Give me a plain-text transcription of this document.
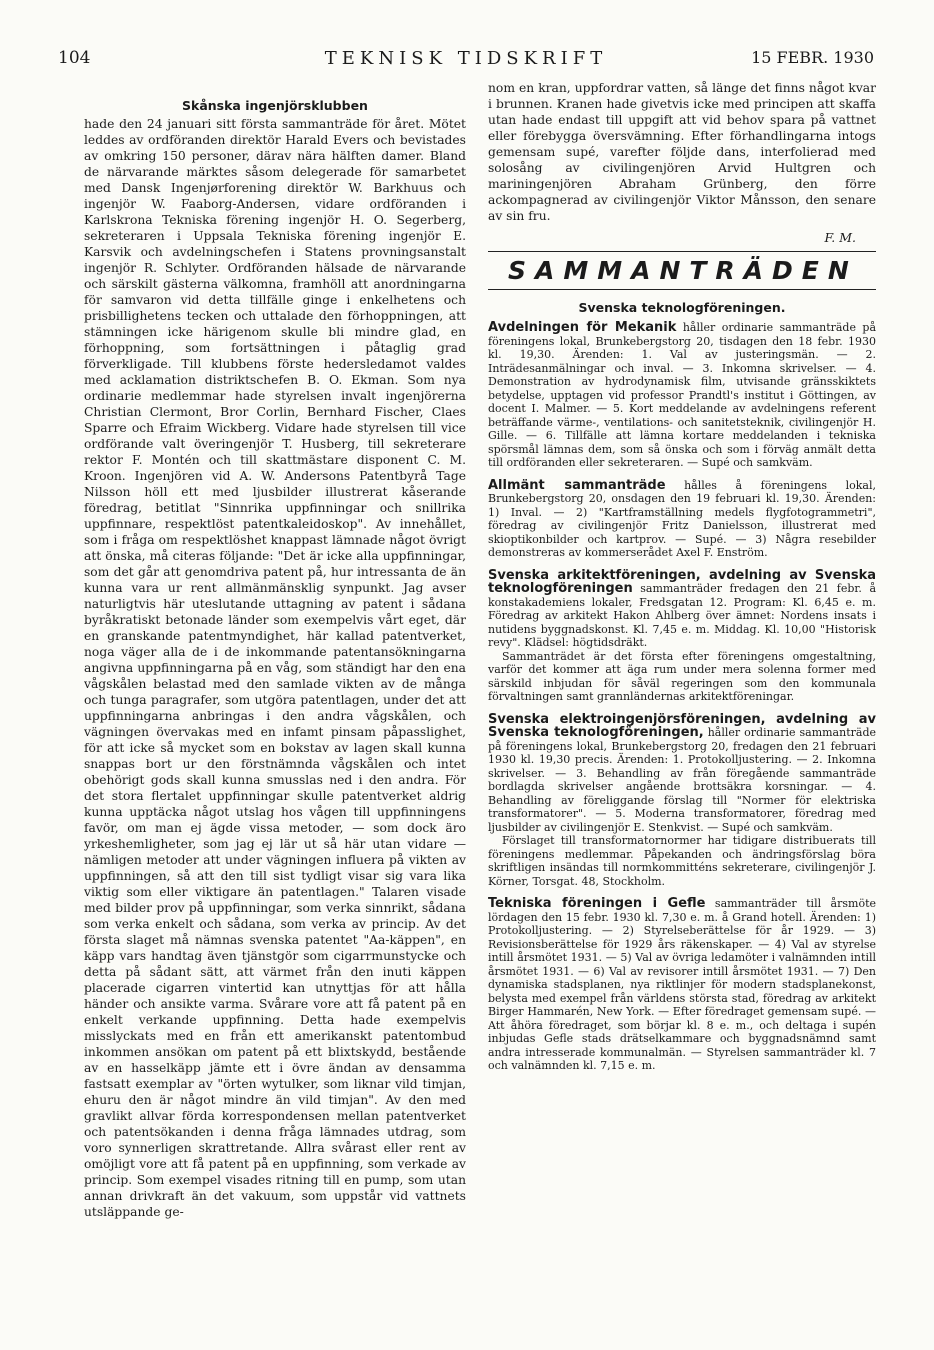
104	TEKNISK TIDSKRIFT	15 FEBR. 1930
Skånska ingenjörsklubben

hade den 24 januari sitt första sammanträde för året. Mötet leddes av ordföranden direktör Harald Evers och bevistades av omkring 150 personer, därav nära hälften damer. Bland de närvarande märktes såsom delegerade för samarbetet med Dansk Ingenjørforening direktör W. Barkhuus och ingenjör W. Faaborg-Andersen, vidare ordföranden i Karlskrona Tekniska förening ingenjör H. O. Segerberg, sekreteraren i Uppsala Tekniska förening ingenjör E. Karsvik och avdelningschefen i Statens provningsanstalt ingenjör R. Schlyter. Ordföranden hälsade de närvarande och särskilt gästerna välkomna, framhöll att anordningarna för samvaron vid detta tillfälle ginge i enkelhetens och prisbillighetens tecken och uttalade den förhoppningen, att stämningen icke härigenom skulle bli mindre glad, en förhoppning, som fortsättningen i påtaglig grad förverkligade. Till klubbens förste hedersledamot valdes med acklamation distriktschefen B. O. Ekman. Som nya ordinarie medlemmar hade styrelsen invalt ingenjörerna Christian Clermont, Bror Corlin, Bernhard Fischer, Claes Sparre och Efraim Wickberg. Vidare hade styrelsen till vice ordförande valt överingenjör T. Husberg, till sekreterare rektor F. Montén och till skattmästare disponent C. M. Kroon. Ingenjören vid A. W. Andersons Patentbyrå Tage Nilsson höll ett med ljusbilder illustrerat kåserande föredrag, betitlat "Sinnrika uppfinningar och snillrika uppfinnare, respektlöst patentkaleidoskop". Av innehållet, som i fråga om respektlöshet knappast lämnade något övrigt att önska, må citeras följande: "Det är icke alla uppfinningar, som det går att genomdriva patent på, hur intressanta de än kunna vara ur rent allmänmänsklig synpunkt. Jag avser naturligtvis här uteslutande uttagning av patent i sådana byråkratiskt betonade länder som exempelvis vårt eget, där en granskande patentmyndighet, här kallad patentverket, noga väger alla de i de inkommande patentansökningarna angivna uppfinningarna på en våg, som ständigt har den ena vågskålen belastad med den samlade vikten av de många och tunga paragrafer, som utgöra patentlagen, under det att uppfinningarna anbringas i den andra vågskålen, och vägningen övervakas med en infamt pinsam påpasslighet, för att icke så mycket som en bokstav av lagen skall kunna snappas bort ur den förstnämnda vågskålen och intet obehörigt gods skall kunna smusslas ned i den andra. För det stora flertalet uppfinningar skulle patentverket aldrig kunna upptäcka något utslag hos vågen till uppfinningens favör, om man ej ägde vissa metoder, — som dock äro yrkeshemligheter, som jag ej lär ut så här utan vidare — nämligen metoder att under vägningen influera på vikten av uppfinningen, så att den till sist tydligt visar sig vara lika viktig som eller viktigare än patentlagen." Talaren visade med bilder prov på uppfinningar, som verka sinnrikt, sådana som verka enkelt och sådana, som verka av princip. Av det första slaget må nämnas svenska patentet "Aa-käppen", en käpp vars handtag även tjänstgör som cigarrmunstycke och detta på sådant sätt, att värmet från den inuti käppen placerade cigarren vintertid kan utnyttjas för att hålla händer och ansikte varma. Svårare vore att få patent på en enkelt verkande uppfinning. Detta hade exempelvis misslyckats med en från ett amerikanskt patentombud inkommen ansökan om patent på ett blixtskydd, bestående av en hasselkäpp jämte ett i övre ändan av densamma fastsatt exemplar av "örten wytulker, som liknar vild timjan, ehuru den är något mindre än vild timjan". Av den med gravlikt allvar förda korrespondensen mellan patentverket och patentsökanden i denna fråga lämnades utdrag, som voro synnerligen skrattretande. Allra svårast eller rent av omöjligt vore att få patent på en uppfinning, som verkade av princip. Som exempel visades ritning till en pump, som utan annan drivkraft än det vakuum, som uppstår vid vattnets utsläppande ge-

nom en kran, uppfordrar vatten, så länge det finns något kvar i brunnen. Kranen hade givetvis icke med principen att skaffa utan hade endast till uppgift att vid behov spara på vattnet eller förebygga översvämning. Efter förhandlingarna intogs gemensam supé, varefter följde dans, interfolierad med solosång av civilingenjören Arvid Hultgren och mariningenjören Abraham Grünberg, den förre ackompagnerad av civilingenjör Viktor Månsson, den senare av sin fru.

F. M.
SAMMANTRÄDEN
Svenska teknologföreningen.
Avdelningen för Mekanik håller ordinarie sammanträde på föreningens lokal, Brunkebergstorg 20, tisdagen den 18 febr. 1930 kl. 19,30. Ärenden: 1. Val av justeringsmän. — 2. Inträdesanmälningar och inval. — 3. Inkomna skrivelser. — 4. Demonstration av hydrodynamisk film, utvisande gränsskiktets betydelse, upptagen vid professor Prandtl's institut i Göttingen, av docent I. Malmer. — 5. Kort meddelande av avdelningens referent beträffande värme-, ventilations- och sanitetsteknik, civilingenjör H. Gille. — 6. Tillfälle att lämna kortare meddelanden i tekniska spörsmål lämnas dem, som så önska och som i förväg anmält detta till ordföranden eller sekreteraren. — Supé och samkväm.
Allmänt sammanträde hålles å föreningens lokal, Brunkebergstorg 20, onsdagen den 19 februari kl. 19,30. Ärenden: 1) Inval. — 2) "Kartframställning medels flygfotogrammetri", föredrag av civilingenjör Fritz Danielsson, illustrerat med skioptikonbilder och kartprov. — Supé. — 3) Några resebilder demonstreras av kommerserådet Axel F. Enström.
Svenska arkitektföreningen, avdelning av Svenska teknologföreningen sammanträder fredagen den 21 febr. å konstakademiens lokaler, Fredsgatan 12. Program: Kl. 6,45 e. m. Föredrag av arkitekt Hakon Ahlberg över ämnet: Nordens insats i nutidens byggnadskonst. Kl. 7,45 e. m. Middag. Kl. 10,00 "Historisk revy". Klädsel: högtidsdräkt.

Sammanträdet är det första efter föreningens omgestaltning, varför det kommer att äga rum under mera solenna former med särskild inbjudan för såväl regeringen som den kommunala förvaltningen samt grannländernas arkitektföreningar.

Svenska elektroingenjörsföreningen, avdelning av Svenska teknologföreningen, håller ordinarie sammanträde på föreningens lokal, Brunkebergstorg 20, fredagen den 21 februari 1930 kl. 19,30 precis. Ärenden: 1. Protokolljustering. — 2. Inkomna skrivelser. — 3. Behandling av från föregående sammanträde bordlagda skrivelser angående brottsäkra korsningar. — 4. Behandling av föreliggande förslag till "Normer för elektriska transformatorer". — 5. Moderna transformatorer, föredrag med ljusbilder av civilingenjör E. Stenkvist. — Supé och samkväm.

Förslaget till transformatornormer har tidigare distribuerats till föreningens medlemmar. Påpekanden och ändringsförslag böra skriftligen insändas till normkommitténs sekreterare, civilingenjör J. Körner, Torsgat. 48, Stockholm.

Tekniska föreningen i Gefle sammanträder till årsmöte lördagen den 15 febr. 1930 kl. 7,30 e. m. å Grand hotell. Ärenden: 1) Protokolljustering. — 2) Styrelseberättelse för år 1929. — 3) Revisionsberättelse för 1929 års räkenskaper. — 4) Val av styrelse intill årsmötet 1931. — 5) Val av övriga ledamöter i valnämnden intill årsmötet 1931. — 6) Val av revisorer intill årsmötet 1931. — 7) Den dynamiska stadsplanen, nya riktlinjer för modern stadsplanekonst, belysta med exempel från världens största stad, föredrag av arkitekt Birger Hammarén, New York. — Efter föredraget gemensam supé. — Att åhöra föredraget, som börjar kl. 8 e. m., och deltaga i supén inbjudas Gefle stads drätselkammare och byggnadsnämnd samt andra intresserade kommunalmän. — Styrelsen sammanträder kl. 7 och valnämnden kl. 7,15 e. m.
